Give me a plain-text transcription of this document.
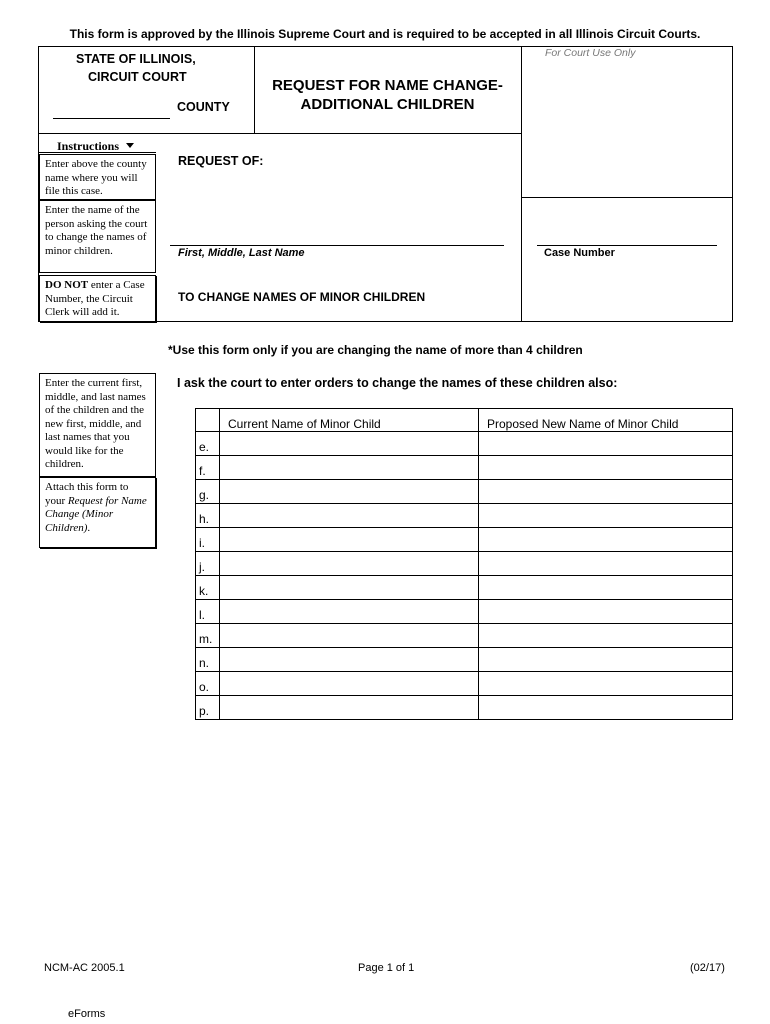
This form is approved by the Illinois Supreme Court and is required to be accepted in all Illinois Circuit Courts.
STATE OF ILLINOIS,
CIRCUIT COURT
COUNTY
REQUEST FOR NAME CHANGE-
ADDITIONAL CHILDREN
For Court Use Only
Instructions
Enter above the county name where you will file this case.
Enter the name of the person asking the court to change the names of minor children.
DO NOT enter a Case Number, the Circuit Clerk will add it.
REQUEST OF:
First, Middle, Last Name	Case Number
TO CHANGE NAMES OF MINOR CHILDREN
*Use this form only if you are changing the name of more than 4 children
Enter the current first, middle, and last names of the children and the new first, middle, and last names that you would like for the children.
Attach this form to your Request for Name Change (Minor Children).
I ask the court to enter orders to change the names of these children also:
	Current Name of Minor Child	Proposed New Name of Minor Child
e.		
f.		
g.		
h.		
i.		
j.		
k.		
l.		
m.		
n.		
o.		
p.		
NCM-AC 2005.1	Page 1 of 1	(02/17)
eForms
